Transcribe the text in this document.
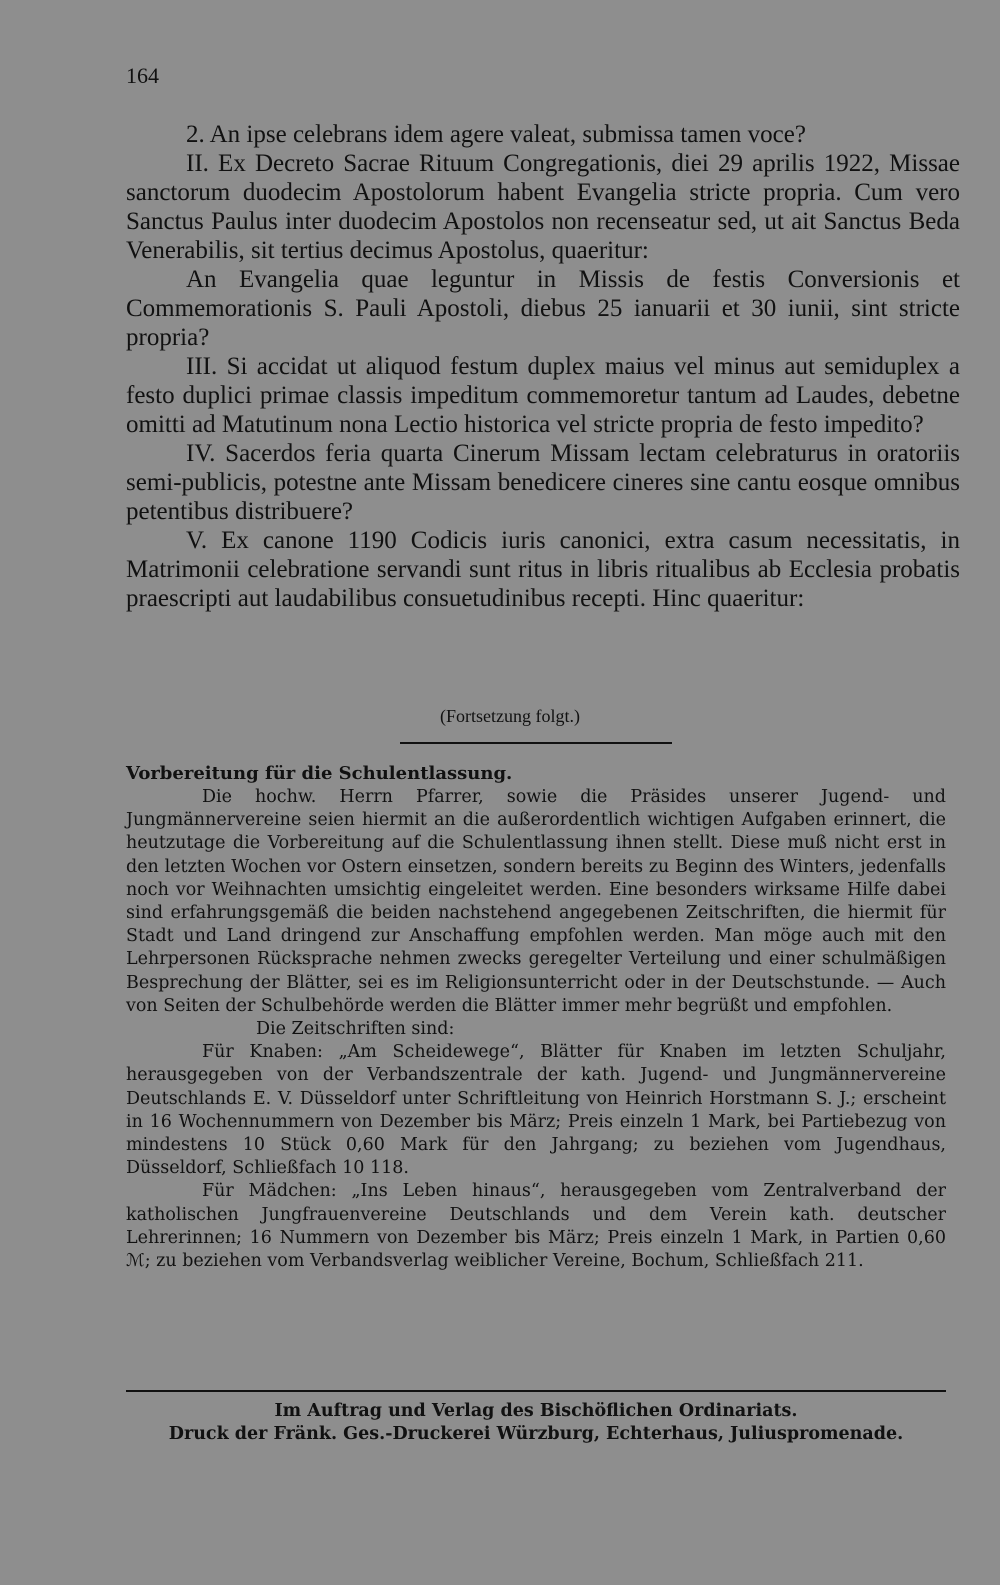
164

2. An ipse celebrans idem agere valeat, submissa tamen voce?

II. Ex Decreto Sacrae Rituum Congregationis, diei 29 aprilis 1922, Missae sanctorum duodecim Apostolorum habent Evangelia stricte propria. Cum vero Sanctus Paulus inter duodecim Apostolos non recenseatur sed, ut ait Sanctus Beda Venerabilis, sit tertius decimus Apostolus, quaeritur:

An Evangelia quae leguntur in Missis de festis Conversionis et Commemorationis S. Pauli Apostoli, diebus 25 ianuarii et 30 iunii, sint stricte propria?

III. Si accidat ut aliquod festum duplex maius vel minus aut semiduplex a festo duplici primae classis impeditum commemoretur tantum ad Laudes, debetne omitti ad Matutinum nona Lectio historica vel stricte propria de festo impedito?

IV. Sacerdos feria quarta Cinerum Missam lectam celebraturus in oratoriis semi-publicis, potestne ante Missam benedicere cineres sine cantu eosque omnibus petentibus distribuere?

V. Ex canone 1190 Codicis iuris canonici, extra casum necessitatis, in Matrimonii celebratione servandi sunt ritus in libris ritualibus ab Ecclesia probatis praescripti aut laudabilibus consuetudinibus recepti. Hinc quaeritur:

(Fortsetzung folgt.)
Vorbereitung für die Schulentlassung.

Die hochw. Herrn Pfarrer, sowie die Präsides unserer Jugend- und Jungmännervereine seien hiermit an die außerordentlich wichtigen Aufgaben erinnert, die heutzutage die Vorbereitung auf die Schulentlassung ihnen stellt. Diese muß nicht erst in den letzten Wochen vor Ostern einsetzen, sondern bereits zu Beginn des Winters, jedenfalls noch vor Weihnachten umsichtig eingeleitet werden. Eine besonders wirksame Hilfe dabei sind erfahrungsgemäß die beiden nachstehend angegebenen Zeitschriften, die hiermit für Stadt und Land dringend zur Anschaffung empfohlen werden. Man möge auch mit den Lehrpersonen Rücksprache nehmen zwecks geregelter Verteilung und einer schulmäßigen Besprechung der Blätter, sei es im Religionsunterricht oder in der Deutschstunde. — Auch von Seiten der Schulbehörde werden die Blätter immer mehr begrüßt und empfohlen.

Die Zeitschriften sind:

Für Knaben: „Am Scheidewege“, Blätter für Knaben im letzten Schuljahr, herausgegeben von der Verbandszentrale der kath. Jugend- und Jungmännervereine Deutschlands E. V. Düsseldorf unter Schriftleitung von Heinrich Horstmann S. J.; erscheint in 16 Wochennummern von Dezember bis März; Preis einzeln 1 Mark, bei Partiebezug von mindestens 10 Stück 0,60 Mark für den Jahrgang; zu beziehen vom Jugendhaus, Düsseldorf, Schließfach 10 118.

Für Mädchen: „Ins Leben hinaus“, herausgegeben vom Zentralverband der katholischen Jungfrauenvereine Deutschlands und dem Verein kath. deutscher Lehrerinnen; 16 Nummern von Dezember bis März; Preis einzeln 1 Mark, in Partien 0,60 ℳ; zu beziehen vom Verbandsverlag weiblicher Vereine, Bochum, Schließfach 211.

Im Auftrag und Verlag des Bischöflichen Ordinariats.
Druck der Fränk. Ges.-Druckerei Würzburg, Echterhaus, Juliuspromenade.
